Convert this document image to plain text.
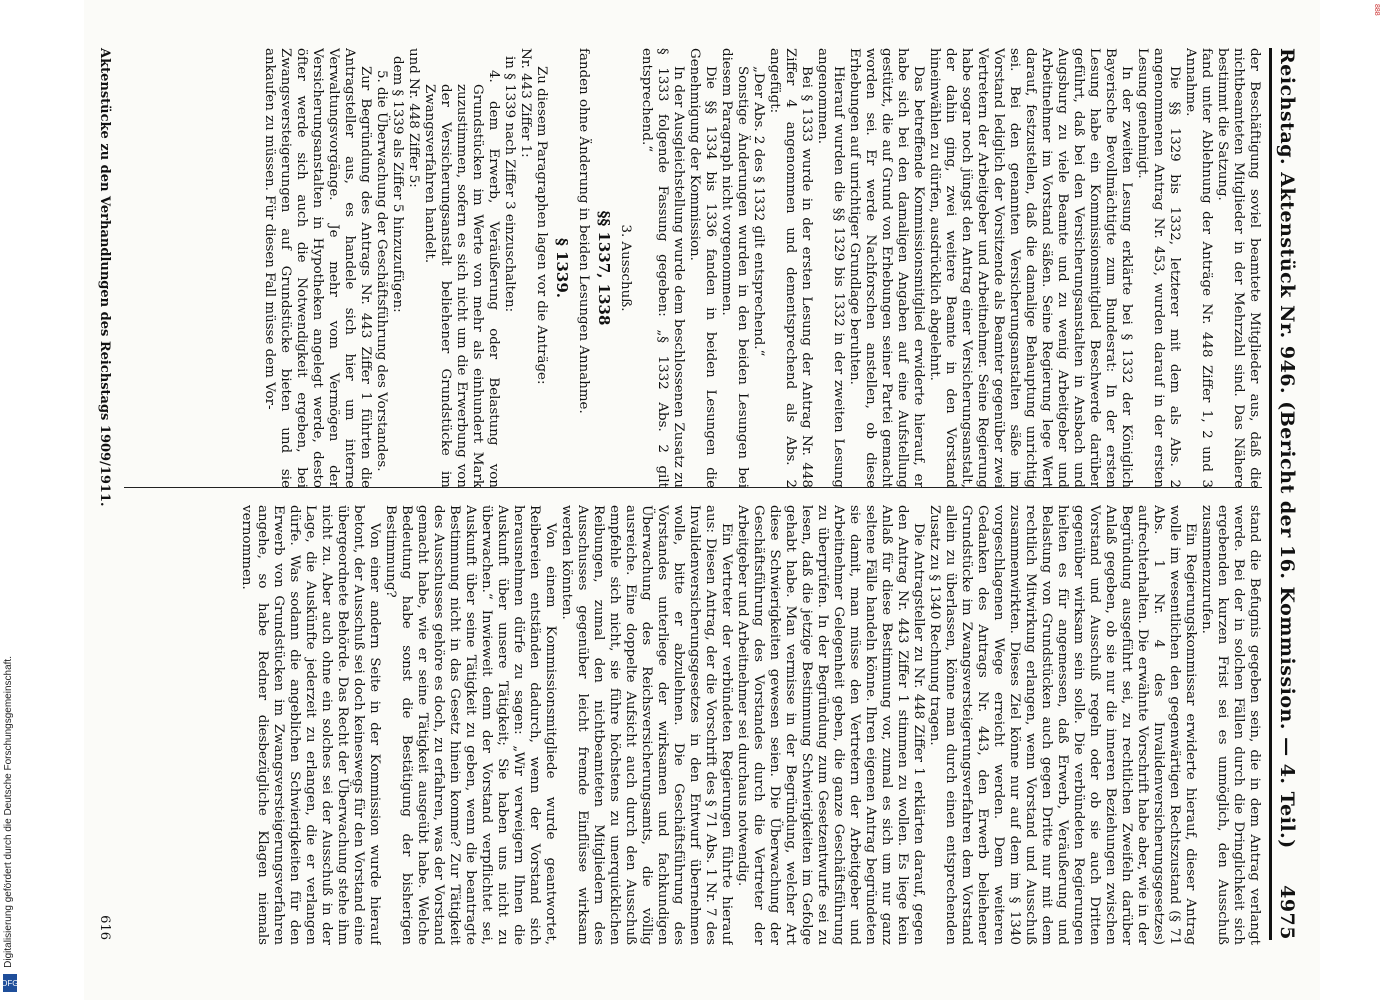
DFG
Digitalisierung gefördert durch die Deutsche Forschungsgemeinschaft.
888
Reichstag. Aktenstück Nr. 946. (Bericht der 16. Kommission. — 4. Teil.)
4975

der Beschäftigung soviel beamtete Mitglieder aus, daß die nichtbeamteten Mitglieder in der Mehrzahl sind. Das Nähere bestimmt die Satzung.

fand unter Ablehnung der Anträge Nr. 448 Ziffer 1, 2 und 3 Annahme.

Die §§ 1329 bis 1332, letzterer mit dem als Abs. 2 angenommenen Antrag Nr. 453, wurden darauf in der ersten Lesung genehmigt.

In der zweiten Lesung erklärte bei § 1332 der Königlich Bayerische Bevollmächtigte zum Bundesrat: In der ersten Lesung habe ein Kommissionsmitglied Beschwerde darüber geführt, daß bei den Versicherungsanstalten in Ansbach und Augsburg zu viele Beamte und zu wenig Arbeitgeber und Arbeitnehmer im Vorstand säßen. Seine Regierung lege Wert darauf, festzustellen, daß die damalige Behauptung unrichtig sei. Bei den genannten Versicherungsanstalten säße im Vorstand lediglich der Vorsitzende als Beamter gegenüber zwei Vertretern der Arbeitgeber und Arbeitnehmer. Seine Regierung habe sogar noch jüngst den Antrag einer Versicherungsanstalt, der dahin ging, zwei weitere Beamte in den Vorstand hineinwählen zu dürfen, ausdrücklich abgelehnt.

Das betreffende Kommissionsmitglied erwiderte hierauf, er habe sich bei den damaligen Angaben auf eine Aufstellung gestützt, die auf Grund von Erhebungen seiner Partei gemacht worden sei. Er werde Nachforschen anstellen, ob diese Erhebungen auf unrichtiger Grundlage beruhten.

Hierauf wurden die §§ 1329 bis 1332 in der zweiten Lesung angenommen.

Bei § 1333 wurde in der ersten Lesung der Antrag Nr. 448 Ziffer 4 angenommen und dementsprechend als Abs. 2 angefügt:

„Der Abs. 2 des § 1332 gilt entsprechend.“

Sonstige Änderungen wurden in den beiden Lesungen bei diesem Paragraph nicht vorgenommen.

Die §§ 1334 bis 1336 fanden in beiden Lesungen die Genehmigung der Kommission.

In der Ausgleichstellung wurde dem beschlossenen Zusatz zu § 1333 folgende Fassung gegeben: „§ 1332 Abs. 2 gilt entsprechend.“

3. Ausschuß.

§§ 1337, 1338

fanden ohne Änderung in beiden Lesungen Annahme.

§ 1339.

Zu diesem Paragraphen lagen vor die Anträge:

Nr. 443 Ziffer 1:

in § 1339 nach Ziffer 3 einzuschalten:

4. dem Erwerb, Veräußerung oder Belastung von Grundstücken im Werte von mehr als einhundert Mark zuzustimmen, sofern es sich nicht um die Erwerbung von der Versicherungsanstalt beliehener Grundstücke im Zwangsverfahren handelt.

und Nr. 448 Ziffer 5:

dem § 1339 als Ziffer 5 hinzuzufügen:

5. die Überwachung der Geschäftsführung des Vorstandes.

Zur Begründung des Antrags Nr. 443 Ziffer 1 führten die Antragsteller aus, es handele sich hier um interne Verwaltungsvorgänge. Je mehr vom Vermögen der Versicherungsanstalten in Hypotheken angelegt werde, desto öfter werde sich auch die Notwendigkeit ergeben, bei Zwangsversteigerungen auf Grundstücke bieten und sie ankaufen zu müssen. Für diesen Fall müsse dem Vor-

stand die Befugnis gegeben sein, die in dem Antrag verlangt werde. Bei der in solchen Fällen durch die Dringlichkeit sich ergebenden kurzen Frist sei es unmöglich, den Ausschuß zusammenzurufen.

Ein Regierungskommissar erwiderte hierauf, dieser Antrag wolle im wesentlichen den gegenwärtigen Rechtszustand (§ 71 Abs. 1 Nr. 4 des Invalidenversicherungsgesetzes) aufrechterhalten. Die erwähnte Vorschrift habe aber, wie in der Begründung ausgeführt sei, zu rechtlichen Zweifeln darüber Anlaß gegeben, ob sie nur die inneren Beziehungen zwischen Vorstand und Ausschuß regeln oder ob sie auch Dritten gegenüber wirksam sein solle. Die verbündeten Regierungen hielten es für angemessen, daß Erwerb, Veräußerung und Belastung von Grundstücken auch gegen Dritte nur mit dem rechtlich Mitwirkung erlangen, wenn Vorstand und Ausschuß zusammenwirkten. Dieses Ziel könne nur auf dem im § 1340 vorgeschlagenen Wege erreicht werden. Dem weiteren Gedanken des Antrags Nr. 443, den Erwerb beliehener Grundstücke im Zwangsversteigerungsverfahren dem Vorstand allein zu überlassen, könne man durch einen entsprechenden Zusatz zu § 1340 Rechnung tragen.

Die Antragsteller zu Nr. 448 Ziffer 1 erklärten darauf, gegen den Antrag Nr. 443 Ziffer 1 stimmen zu wollen. Es liege kein Anlaß für diese Bestimmung vor, zumal es sich um nur ganz seltene Fälle handeln könne. Ihren eigenen Antrag begründeten sie damit, man müsse den Vertretern der Arbeitgeber und Arbeitnehmer Gelegenheit geben, die ganze Geschäftsführung zu überprüfen. In der Begründung zum Gesetzentwurfe sei zu lesen, daß die jetzige Bestimmung Schwierigkeiten im Gefolge gehabt habe. Man vermisse in der Begründung, welcher Art diese Schwierigkeiten gewesen seien. Die Überwachung der Geschäftsführung des Vorstandes durch die Vertreter der Arbeitgeber und Arbeitnehmer sei durchaus notwendig.

Ein Vertreter der verbündeten Regierungen führte hierauf aus: Diesen Antrag, der die Vorschrift des § 71 Abs. 1 Nr. 7 des Invalidenversicherungsgesetzes in den Entwurf übernehmen wolle, bitte er abzulehnen. Die Geschäftsführung des Vorstandes unterliege der wirksamen und fachkundigen Überwachung des Reichsversicherungsamts, die völlig ausreiche. Eine doppelte Aufsicht auch durch den Ausschuß empfehle sich nicht, sie führe höchstens zu unerquicklichen Reibungen, zumal den nichtbeamteten Mitgliedern des Ausschusses gegenüber leicht fremde Einflüsse wirksam werden könnten.

Von einem Kommissionsmitgliede wurde geantwortet, Reibereien entständen dadurch, wenn der Vorstand sich herausnehmen dürfe zu sagen: „Wir verweigern Ihnen die Auskunft über unsere Tätigkeit; Sie haben uns nicht zu überwachen.“ Inwieweit denn der Vorstand verpflichtet sei, Auskunft über seine Tätigkeit zu geben, wenn die beantragte Bestimmung nicht in das Gesetz hinein komme? Zur Tätigkeit des Ausschusses gehöre es doch, zu erfahren, was der Vorstand gemacht habe, wie er seine Tätigkeit ausgeübt habe. Welche Bedeutung habe sonst die Bestätigung der bisherigen Bestimmung?

Von einer andern Seite in der Kommission wurde hierauf betont, der Ausschuß sei doch keineswegs für den Vorstand eine übergeordnete Behörde. Das Recht der Überwachung stehe ihm nicht zu. Aber auch ohne ein solches sei der Ausschuß in der Lage, die Auskünfte jederzeit zu erlangen, die er verlangen dürfe. Was sodann die angeblichen Schwierigkeiten für den Erwerb von Grundstücken im Zwangsversteigerungsverfahren angehe, so habe Redner diesbezügliche Klagen niemals vernommen.

Aktenstücke zu den Verhandlungen des Reichstags 1909/1911.
616
